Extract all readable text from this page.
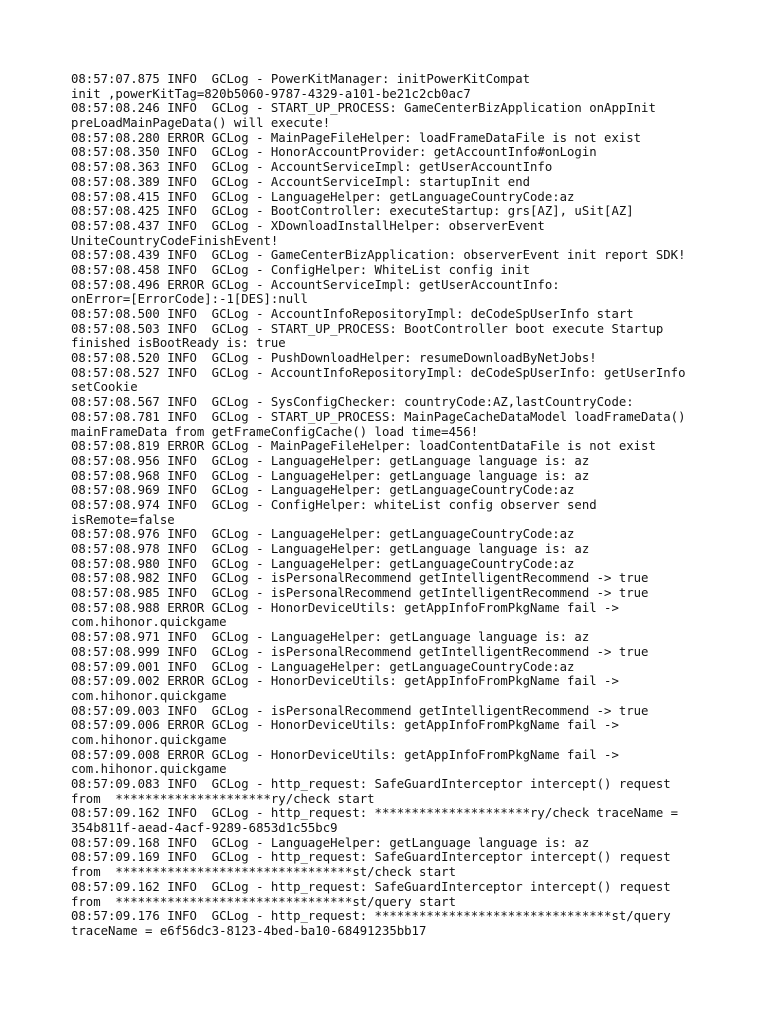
08:57:07.875 INFO  GCLog - PowerKitManager: initPowerKitCompat
init ,powerKitTag=820b5060-9787-4329-a101-be21c2cb0ac7
08:57:08.246 INFO  GCLog - START_UP_PROCESS: GameCenterBizApplication onAppInit
preLoadMainPageData() will execute!
08:57:08.280 ERROR GCLog - MainPageFileHelper: loadFrameDataFile is not exist
08:57:08.350 INFO  GCLog - HonorAccountProvider: getAccountInfo#onLogin
08:57:08.363 INFO  GCLog - AccountServiceImpl: getUserAccountInfo
08:57:08.389 INFO  GCLog - AccountServiceImpl: startupInit end
08:57:08.415 INFO  GCLog - LanguageHelper: getLanguageCountryCode:az
08:57:08.425 INFO  GCLog - BootController: executeStartup: grs[AZ], uSit[AZ]
08:57:08.437 INFO  GCLog - XDownloadInstallHelper: observerEvent
UniteCountryCodeFinishEvent!
08:57:08.439 INFO  GCLog - GameCenterBizApplication: observerEvent init report SDK!
08:57:08.458 INFO  GCLog - ConfigHelper: WhiteList config init
08:57:08.496 ERROR GCLog - AccountServiceImpl: getUserAccountInfo:
onError=[ErrorCode]:-1[DES]:null
08:57:08.500 INFO  GCLog - AccountInfoRepositoryImpl: deCodeSpUserInfo start
08:57:08.503 INFO  GCLog - START_UP_PROCESS: BootController boot execute Startup
finished isBootReady is: true
08:57:08.520 INFO  GCLog - PushDownloadHelper: resumeDownloadByNetJobs!
08:57:08.527 INFO  GCLog - AccountInfoRepositoryImpl: deCodeSpUserInfo: getUserInfo
setCookie
08:57:08.567 INFO  GCLog - SysConfigChecker: countryCode:AZ,lastCountryCode:
08:57:08.781 INFO  GCLog - START_UP_PROCESS: MainPageCacheDataModel loadFrameData()
mainFrameData from getFrameConfigCache() load time=456!
08:57:08.819 ERROR GCLog - MainPageFileHelper: loadContentDataFile is not exist
08:57:08.956 INFO  GCLog - LanguageHelper: getLanguage language is: az
08:57:08.968 INFO  GCLog - LanguageHelper: getLanguage language is: az
08:57:08.969 INFO  GCLog - LanguageHelper: getLanguageCountryCode:az
08:57:08.974 INFO  GCLog - ConfigHelper: whiteList config observer send
isRemote=false
08:57:08.976 INFO  GCLog - LanguageHelper: getLanguageCountryCode:az
08:57:08.978 INFO  GCLog - LanguageHelper: getLanguage language is: az
08:57:08.980 INFO  GCLog - LanguageHelper: getLanguageCountryCode:az
08:57:08.982 INFO  GCLog - isPersonalRecommend getIntelligentRecommend -> true
08:57:08.985 INFO  GCLog - isPersonalRecommend getIntelligentRecommend -> true
08:57:08.988 ERROR GCLog - HonorDeviceUtils: getAppInfoFromPkgName fail ->
com.hihonor.quickgame
08:57:08.971 INFO  GCLog - LanguageHelper: getLanguage language is: az
08:57:08.999 INFO  GCLog - isPersonalRecommend getIntelligentRecommend -> true
08:57:09.001 INFO  GCLog - LanguageHelper: getLanguageCountryCode:az
08:57:09.002 ERROR GCLog - HonorDeviceUtils: getAppInfoFromPkgName fail ->
com.hihonor.quickgame
08:57:09.003 INFO  GCLog - isPersonalRecommend getIntelligentRecommend -> true
08:57:09.006 ERROR GCLog - HonorDeviceUtils: getAppInfoFromPkgName fail ->
com.hihonor.quickgame
08:57:09.008 ERROR GCLog - HonorDeviceUtils: getAppInfoFromPkgName fail ->
com.hihonor.quickgame
08:57:09.083 INFO  GCLog - http_request: SafeGuardInterceptor intercept() request
from  *********************ry/check start
08:57:09.162 INFO  GCLog - http_request: *********************ry/check traceName =
354b811f-aead-4acf-9289-6853d1c55bc9
08:57:09.168 INFO  GCLog - LanguageHelper: getLanguage language is: az
08:57:09.169 INFO  GCLog - http_request: SafeGuardInterceptor intercept() request
from  ********************************st/check start
08:57:09.162 INFO  GCLog - http_request: SafeGuardInterceptor intercept() request
from  ********************************st/query start
08:57:09.176 INFO  GCLog - http_request: ********************************st/query
traceName = e6f56dc3-8123-4bed-ba10-68491235bb17
